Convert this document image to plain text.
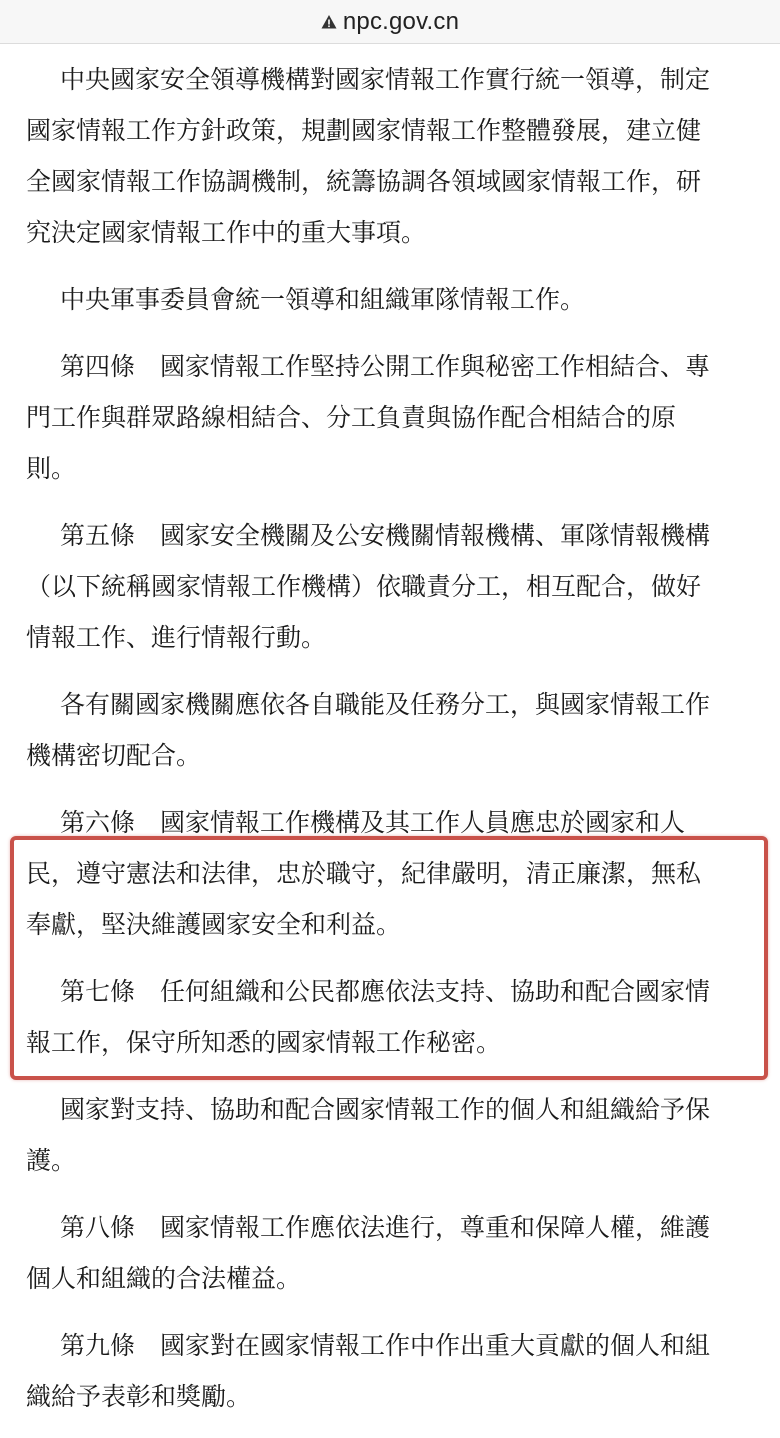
npc.gov.cn

中央國家安全領導機構對國家情報工作實行統一領導，制定國家情報工作方針政策，規劃國家情報工作整體發展，建立健全國家情報工作協調機制，統籌協調各領域國家情報工作，研究決定國家情報工作中的重大事項。

中央軍事委員會統一領導和組織軍隊情報工作。

第四條　國家情報工作堅持公開工作與秘密工作相結合、專門工作與群眾路線相結合、分工負責與協作配合相結合的原則。

第五條　國家安全機關及公安機關情報機構、軍隊情報機構（以下統稱國家情報工作機構）依職責分工，相互配合，做好情報工作、進行情報行動。

各有關國家機關應依各自職能及任務分工，與國家情報工作機構密切配合。

第六條　國家情報工作機構及其工作人員應忠於國家和人民，遵守憲法和法律，忠於職守，紀律嚴明，清正廉潔，無私奉獻，堅決維護國家安全和利益。

第七條　任何組織和公民都應依法支持、協助和配合國家情報工作，保守所知悉的國家情報工作秘密。

國家對支持、協助和配合國家情報工作的個人和組織給予保護。

第八條　國家情報工作應依法進行，尊重和保障人權，維護個人和組織的合法權益。

第九條　國家對在國家情報工作中作出重大貢獻的個人和組織給予表彰和獎勵。
